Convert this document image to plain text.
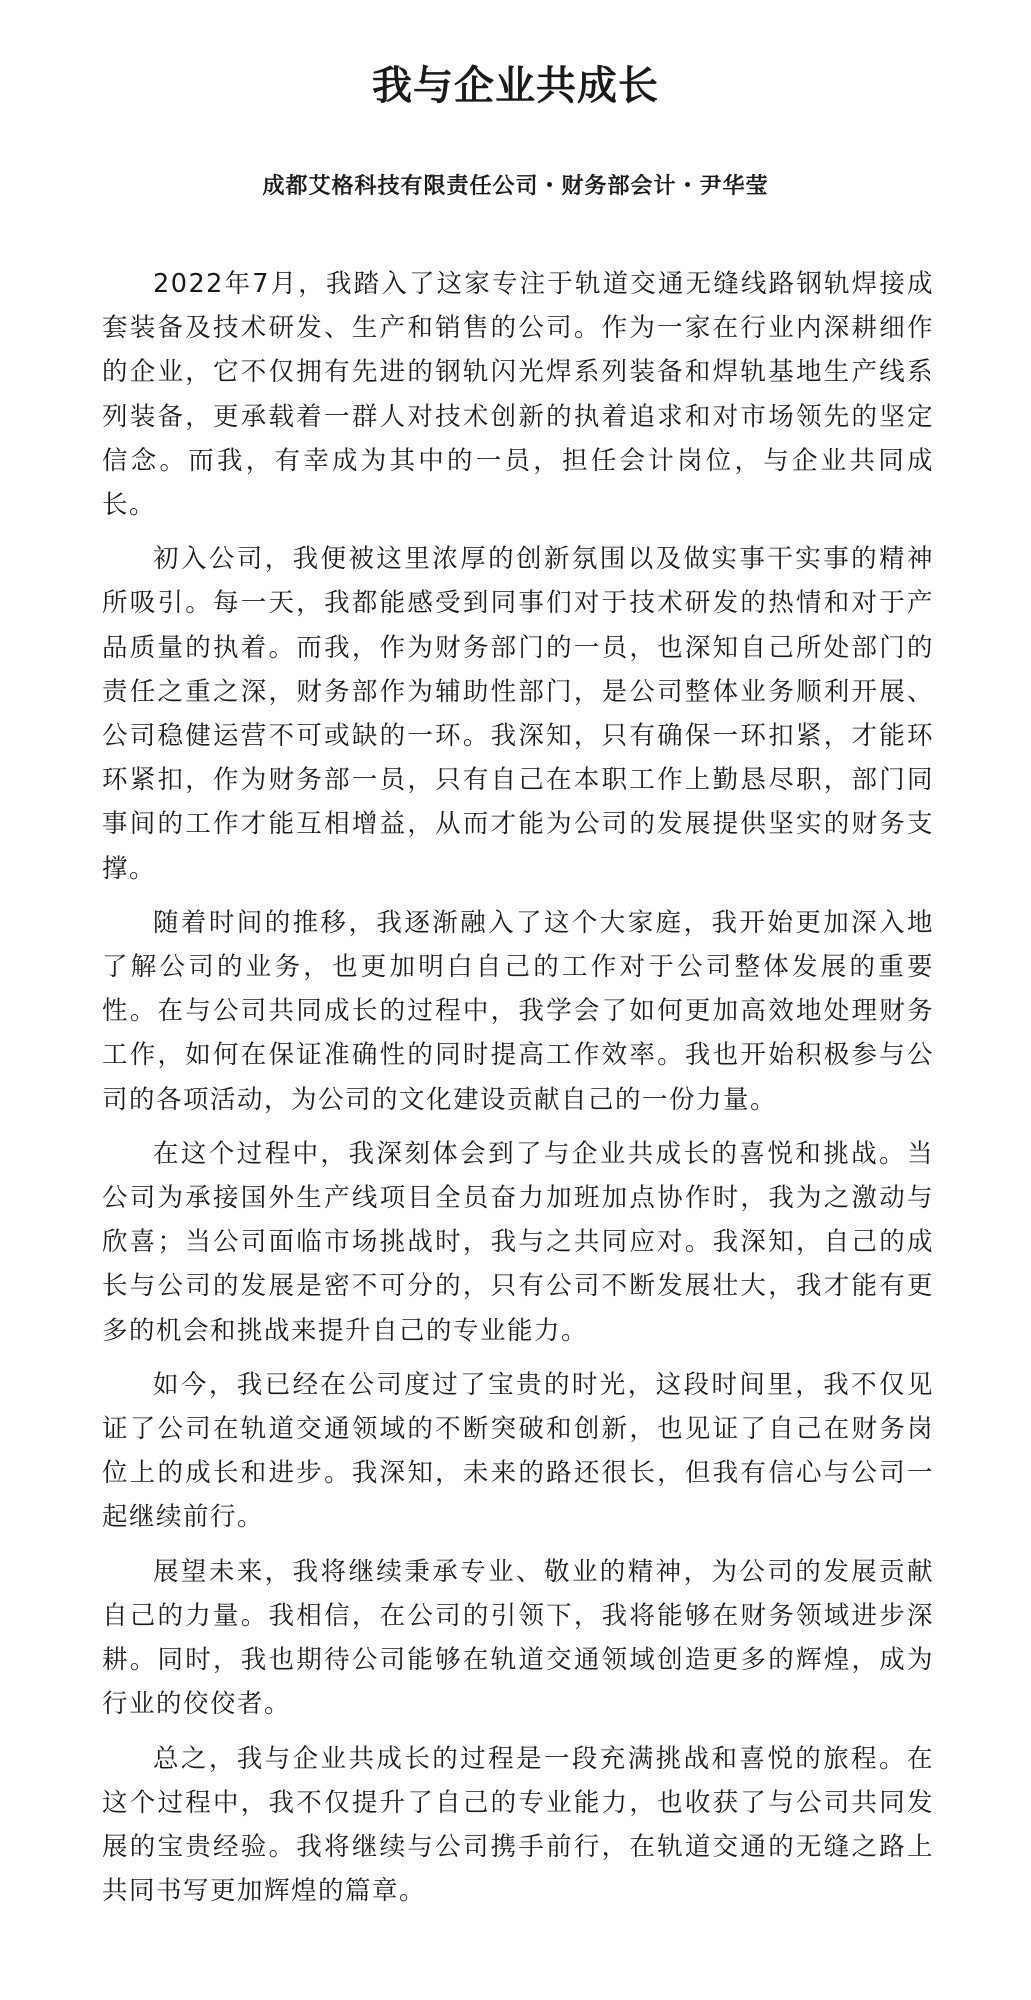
我与企业共成长

成都艾格科技有限责任公司・财务部会计・尹华莹

2022年7月，我踏入了这家专注于轨道交通无缝线路钢轨焊接成套装备及技术研发、生产和销售的公司。作为一家在行业内深耕细作的企业，它不仅拥有先进的钢轨闪光焊系列装备和焊轨基地生产线系列装备，更承载着一群人对技术创新的执着追求和对市场领先的坚定信念。而我，有幸成为其中的一员，担任会计岗位，与企业共同成长。

初入公司，我便被这里浓厚的创新氛围以及做实事干实事的精神所吸引。每一天，我都能感受到同事们对于技术研发的热情和对于产品质量的执着。而我，作为财务部门的一员，也深知自己所处部门的责任之重之深，财务部作为辅助性部门，是公司整体业务顺利开展、公司稳健运营不可或缺的一环。我深知，只有确保一环扣紧，才能环环紧扣，作为财务部一员，只有自己在本职工作上勤恳尽职，部门同事间的工作才能互相增益，从而才能为公司的发展提供坚实的财务支撑。

随着时间的推移，我逐渐融入了这个大家庭，我开始更加深入地了解公司的业务，也更加明白自己的工作对于公司整体发展的重要性。在与公司共同成长的过程中，我学会了如何更加高效地处理财务工作，如何在保证准确性的同时提高工作效率。我也开始积极参与公司的各项活动，为公司的文化建设贡献自己的一份力量。

在这个过程中，我深刻体会到了与企业共成长的喜悦和挑战。当公司为承接国外生产线项目全员奋力加班加点协作时，我为之激动与欣喜；当公司面临市场挑战时，我与之共同应对。我深知，自己的成长与公司的发展是密不可分的，只有公司不断发展壮大，我才能有更多的机会和挑战来提升自己的专业能力。

如今，我已经在公司度过了宝贵的时光，这段时间里，我不仅见证了公司在轨道交通领域的不断突破和创新，也见证了自己在财务岗位上的成长和进步。我深知，未来的路还很长，但我有信心与公司一起继续前行。

展望未来，我将继续秉承专业、敬业的精神，为公司的发展贡献自己的力量。我相信，在公司的引领下，我将能够在财务领域进步深耕。同时，我也期待公司能够在轨道交通领域创造更多的辉煌，成为行业的佼佼者。

总之，我与企业共成长的过程是一段充满挑战和喜悦的旅程。在这个过程中，我不仅提升了自己的专业能力，也收获了与公司共同发展的宝贵经验。我将继续与公司携手前行，在轨道交通的无缝之路上共同书写更加辉煌的篇章。
